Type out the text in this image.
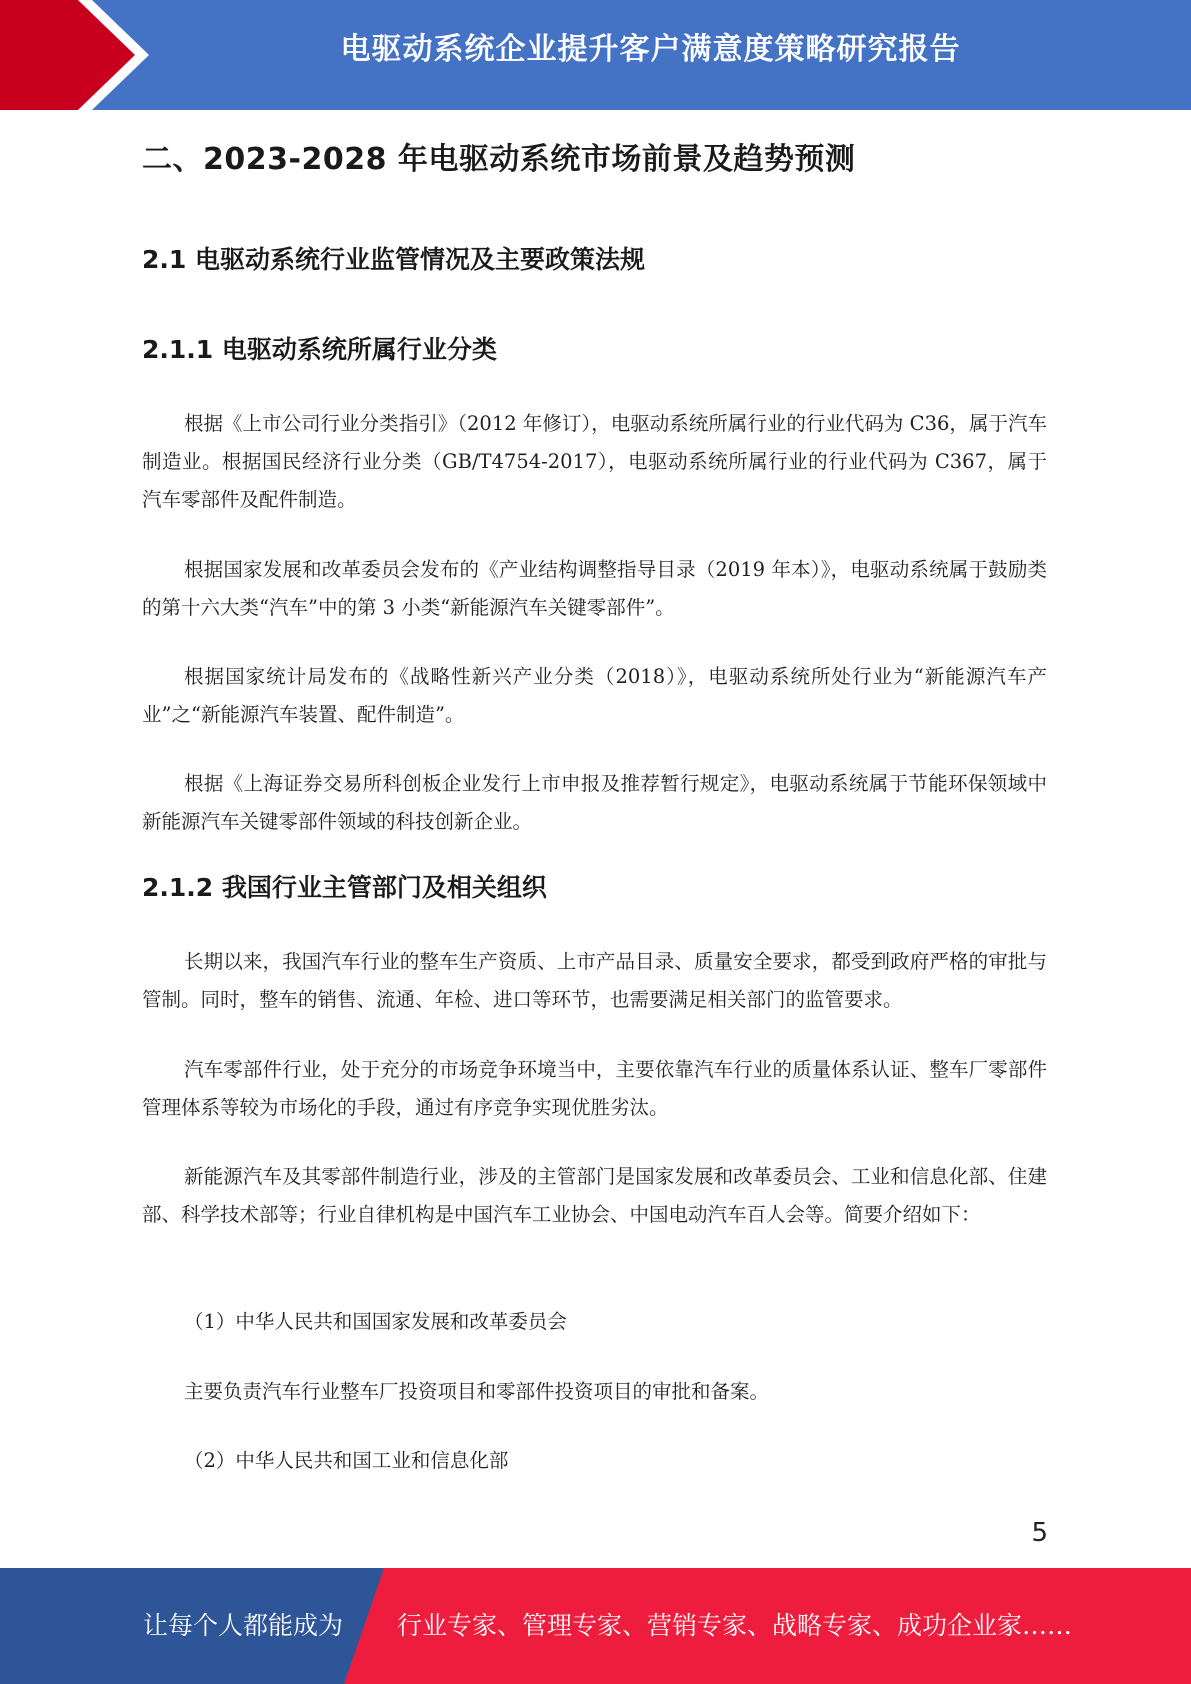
电驱动系统企业提升客户满意度策略研究报告
二、2023-2028 年电驱动系统市场前景及趋势预测
2.1 电驱动系统行业监管情况及主要政策法规
2.1.1 电驱动系统所属行业分类

根据《上市公司行业分类指引》（2012 年修订），电驱动系统所属行业的行业代码为 C36，属于汽车制造业。根据国民经济行业分类（GB/T4754-2017），电驱动系统所属行业的行业代码为 C367，属于汽车零部件及配件制造。

根据国家发展和改革委员会发布的《产业结构调整指导目录（2019 年本）》，电驱动系统属于鼓励类的第十六大类“汽车”中的第 3 小类“新能源汽车关键零部件”。

根据国家统计局发布的《战略性新兴产业分类（2018）》，电驱动系统所处行业为“新能源汽车产业”之“新能源汽车装置、配件制造”。

根据《上海证券交易所科创板企业发行上市申报及推荐暂行规定》，电驱动系统属于节能环保领域中新能源汽车关键零部件领域的科技创新企业。

2.1.2 我国行业主管部门及相关组织

长期以来，我国汽车行业的整车生产资质、上市产品目录、质量安全要求，都受到政府严格的审批与管制。同时，整车的销售、流通、年检、进口等环节，也需要满足相关部门的监管要求。

汽车零部件行业，处于充分的市场竞争环境当中，主要依靠汽车行业的质量体系认证、整车厂零部件管理体系等较为市场化的手段，通过有序竞争实现优胜劣汰。

新能源汽车及其零部件制造行业，涉及的主管部门是国家发展和改革委员会、工业和信息化部、住建部、科学技术部等；行业自律机构是中国汽车工业协会、中国电动汽车百人会等。简要介绍如下：

（1）中华人民共和国国家发展和改革委员会

主要负责汽车行业整车厂投资项目和零部件投资项目的审批和备案。

（2）中华人民共和国工业和信息化部

5
让每个人都能成为 行业专家、管理专家、营销专家、战略专家、成功企业家……
